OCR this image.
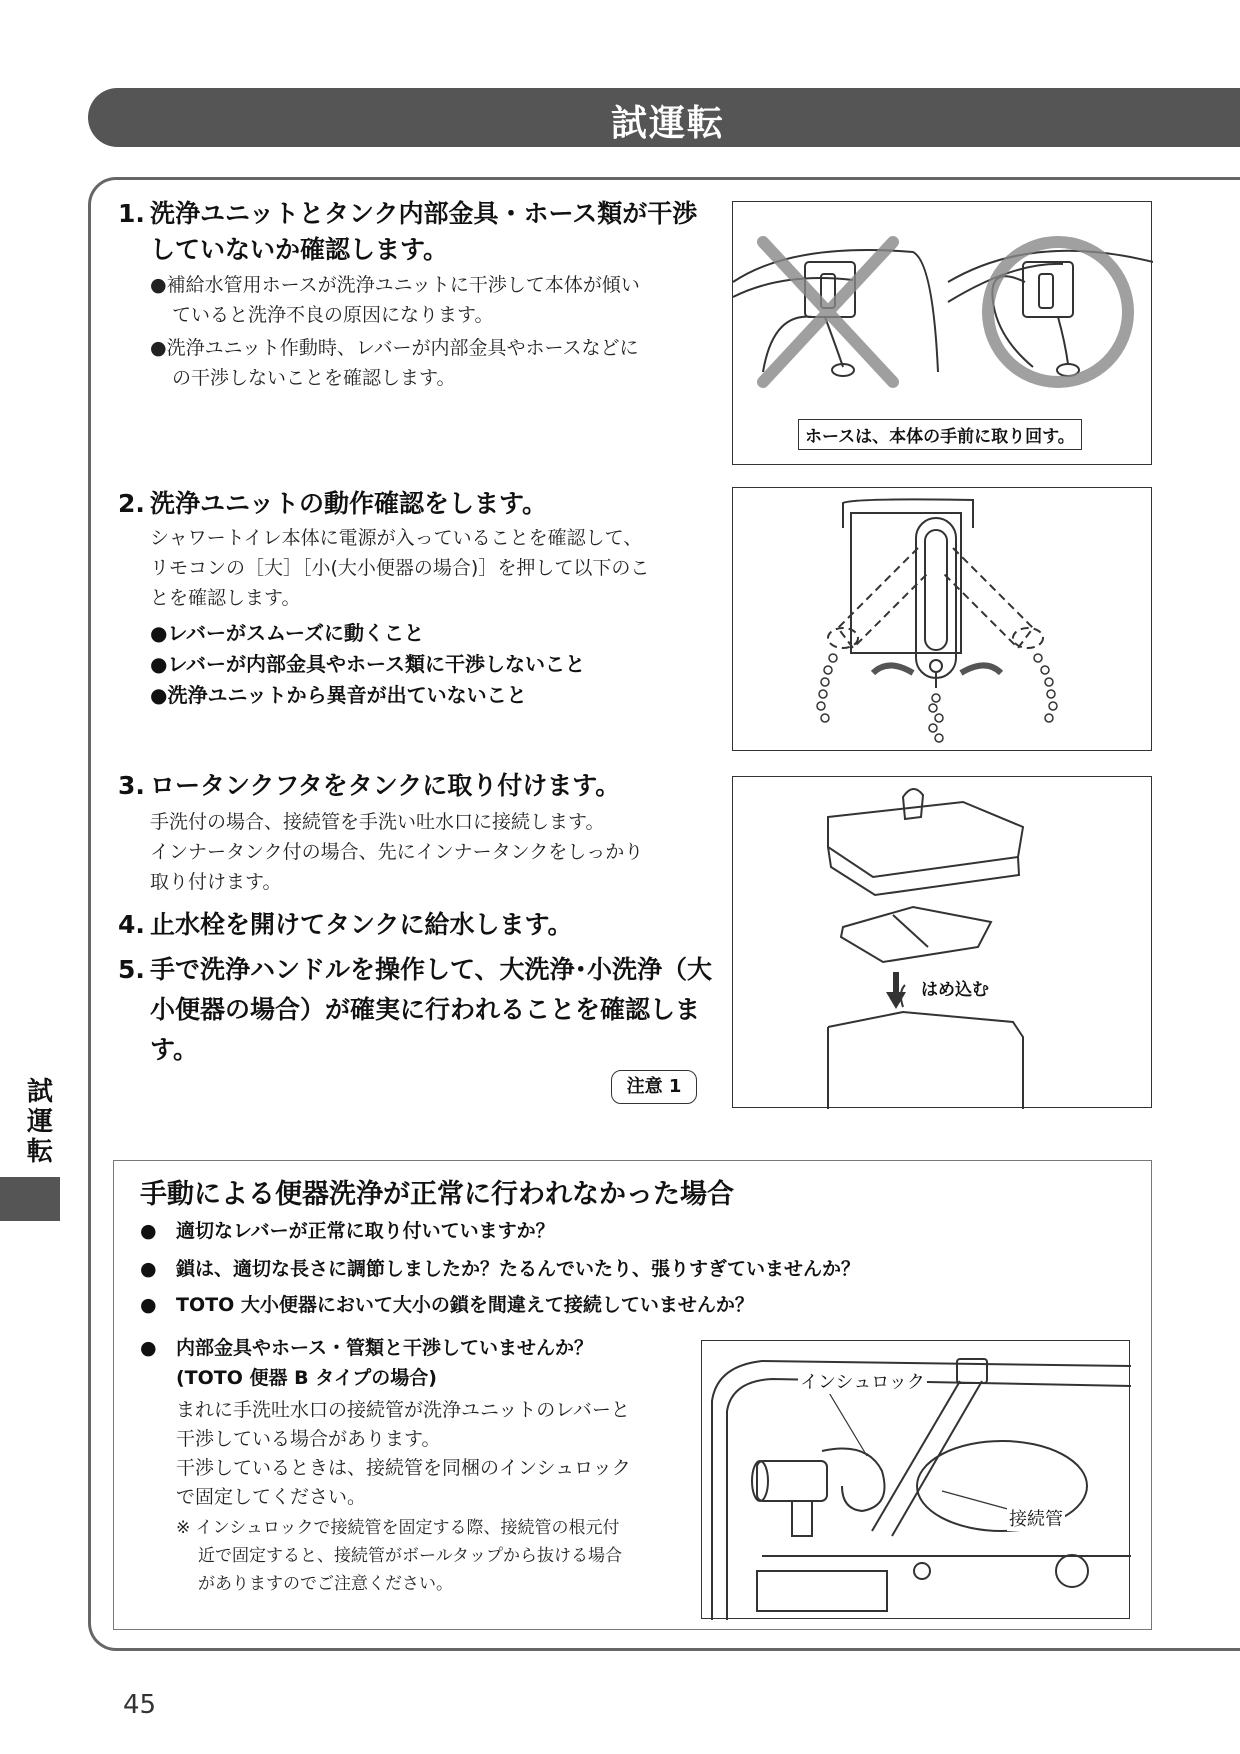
試運転
1. 洗浄ユニットとタンク内部金具・ホース類が干渉
していないか確認します。
●補給水管用ホースが洗浄ユニットに干渉して本体が傾い
ていると洗浄不良の原因になります。
●洗浄ユニット作動時、レバーが内部金具やホースなどに
の干渉しないことを確認します。
ホースは、本体の手前に取り回す。
2. 洗浄ユニットの動作確認をします。
シャワートイレ本体に電源が入っていることを確認して、
リモコンの［大］［小(大小便器の場合)］を押して以下のこ
とを確認します。
●レバーがスムーズに動くこと
●レバーが内部金具やホース類に干渉しないこと
●洗浄ユニットから異音が出ていないこと
3. ロータンクフタをタンクに取り付けます。
手洗付の場合、接続管を手洗い吐水口に接続します。
インナータンク付の場合、先にインナータンクをしっかり
取り付けます。
4. 止水栓を開けてタンクに給水します。
5. 手で洗浄ハンドルを操作して、大洗浄･小洗浄（大
小便器の場合）が確実に行われることを確認しま
す。
注意 1
はめ込む
手動による便器洗浄が正常に行われなかった場合
● 適切なレバーが正常に取り付いていますか？
● 鎖は、適切な長さに調節しましたか？たるんでいたり、張りすぎていませんか？
● TOTO 大小便器において大小の鎖を間違えて接続していませんか？
● 内部金具やホース・管類と干渉していませんか？
(TOTO 便器 B タイプの場合)
まれに手洗吐水口の接続管が洗浄ユニットのレバーと
干渉している場合があります。
干渉しているときは、接続管を同梱のインシュロック
で固定してください。
※ インシュロックで接続管を固定する際、接続管の根元付
近で固定すると、接続管がボールタップから抜ける場合
がありますのでご注意ください。
インシュロック
接続管
試
運
転
45
